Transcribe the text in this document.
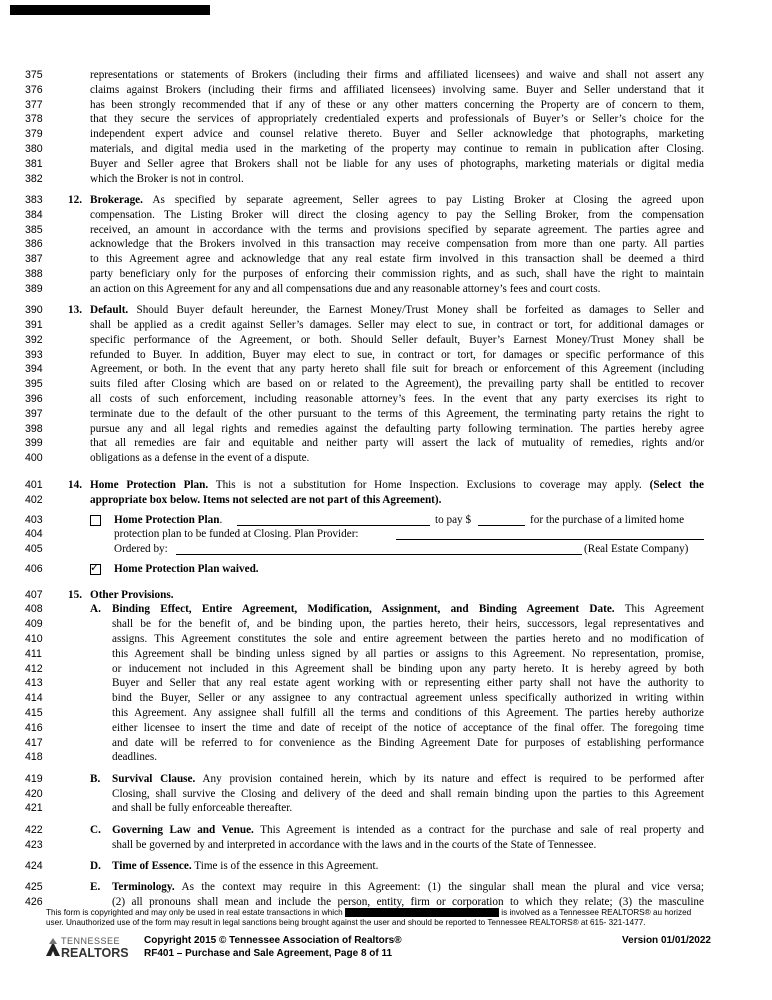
375	representations or statements of Brokers (including their firms and affiliated licensees) and waive and shall not assert any
376	claims against Brokers (including their firms and affiliated licensees) involving same. Buyer and Seller understand that it
377	has been strongly recommended that if any of these or any other matters concerning the Property are of concern to them,
378	that they secure the services of appropriately credentialed experts and professionals of Buyer’s or Seller’s choice for the
379	independent expert advice and counsel relative thereto. Buyer and Seller acknowledge that photographs, marketing
380	materials, and digital media used in the marketing of the property may continue to remain in publication after Closing.
381	Buyer and Seller agree that Brokers shall not be liable for any uses of photographs, marketing materials or digital media
382	which the Broker is not in control.
383	12. Brokerage. As specified by separate agreement, Seller agrees to pay Listing Broker at Closing the agreed upon
384	compensation. The Listing Broker will direct the closing agency to pay the Selling Broker, from the compensation
385	received, an amount in accordance with the terms and provisions specified by separate agreement. The parties agree and
386	acknowledge that the Brokers involved in this transaction may receive compensation from more than one party. All parties
387	to this Agreement agree and acknowledge that any real estate firm involved in this transaction shall be deemed a third
388	party beneficiary only for the purposes of enforcing their commission rights, and as such, shall have the right to maintain
389	an action on this Agreement for any and all compensations due and any reasonable attorney’s fees and court costs.
390	13. Default. Should Buyer default hereunder, the Earnest Money/Trust Money shall be forfeited as damages to Seller and
391	shall be applied as a credit against Seller’s damages. Seller may elect to sue, in contract or tort, for additional damages or
392	specific performance of the Agreement, or both. Should Seller default, Buyer’s Earnest Money/Trust Money shall be
393	refunded to Buyer. In addition, Buyer may elect to sue, in contract or tort, for damages or specific performance of this
394	Agreement, or both. In the event that any party hereto shall file suit for breach or enforcement of this Agreement (including
395	suits filed after Closing which are based on or related to the Agreement), the prevailing party shall be entitled to recover
396	all costs of such enforcement, including reasonable attorney’s fees. In the event that any party exercises its right to
397	terminate due to the default of the other pursuant to the terms of this Agreement, the terminating party retains the right to
398	pursue any and all legal rights and remedies against the defaulting party following termination. The parties hereby agree
399	that all remedies are fair and equitable and neither party will assert the lack of mutuality of remedies, rights and/or
400	obligations as a defense in the event of a dispute.
401	14. Home Protection Plan. This is not a substitution for Home Inspection. Exclusions to coverage may apply. (Select the
402	appropriate box below. Items not selected are not part of this Agreement).
403	Home Protection Plan.	to pay $	for the purchase of a limited home
404	protection plan to be funded at Closing. Plan Provider:
405	Ordered by:	(Real Estate Company)
406	✓ Home Protection Plan waived.
407	15. Other Provisions.
408	A. Binding Effect, Entire Agreement, Modification, Assignment, and Binding Agreement Date. This Agreement
409	shall be for the benefit of, and be binding upon, the parties hereto, their heirs, successors, legal representatives and
410	assigns. This Agreement constitutes the sole and entire agreement between the parties hereto and no modification of
411	this Agreement shall be binding unless signed by all parties or assigns to this Agreement. No representation, promise,
412	or inducement not included in this Agreement shall be binding upon any party hereto. It is hereby agreed by both
413	Buyer and Seller that any real estate agent working with or representing either party shall not have the authority to
414	bind the Buyer, Seller or any assignee to any contractual agreement unless specifically authorized in writing within
415	this Agreement. Any assignee shall fulfill all the terms and conditions of this Agreement. The parties hereby authorize
416	either licensee to insert the time and date of receipt of the notice of acceptance of the final offer. The foregoing time
417	and date will be referred to for convenience as the Binding Agreement Date for purposes of establishing performance
418	deadlines.
419	B. Survival Clause. Any provision contained herein, which by its nature and effect is required to be performed after
420	Closing, shall survive the Closing and delivery of the deed and shall remain binding upon the parties to this Agreement
421	and shall be fully enforceable thereafter.
422	C. Governing Law and Venue. This Agreement is intended as a contract for the purchase and sale of real property and
423	shall be governed by and interpreted in accordance with the laws and in the courts of the State of Tennessee.
424	D. Time of Essence. Time is of the essence in this Agreement.
425	E. Terminology. As the context may require in this Agreement: (1) the singular shall mean the plural and vice versa;
426	(2) all pronouns shall mean and include the person, entity, firm or corporation to which they relate; (3) the masculine
This form is copyrighted and may only be used in real estate transactions in which	is involved as a Tennessee REALTORS® au horized
user. Unauthorized use of the form may result in legal sanctions being brought against the user and should be reported to Tennessee REALTORS® at 615- 321-1477.
TENNESSEE
REALTORS
Copyright 2015 © Tennessee Association of Realtors®
RF401 – Purchase and Sale Agreement, Page 8 of 11
Version 01/01/2022
